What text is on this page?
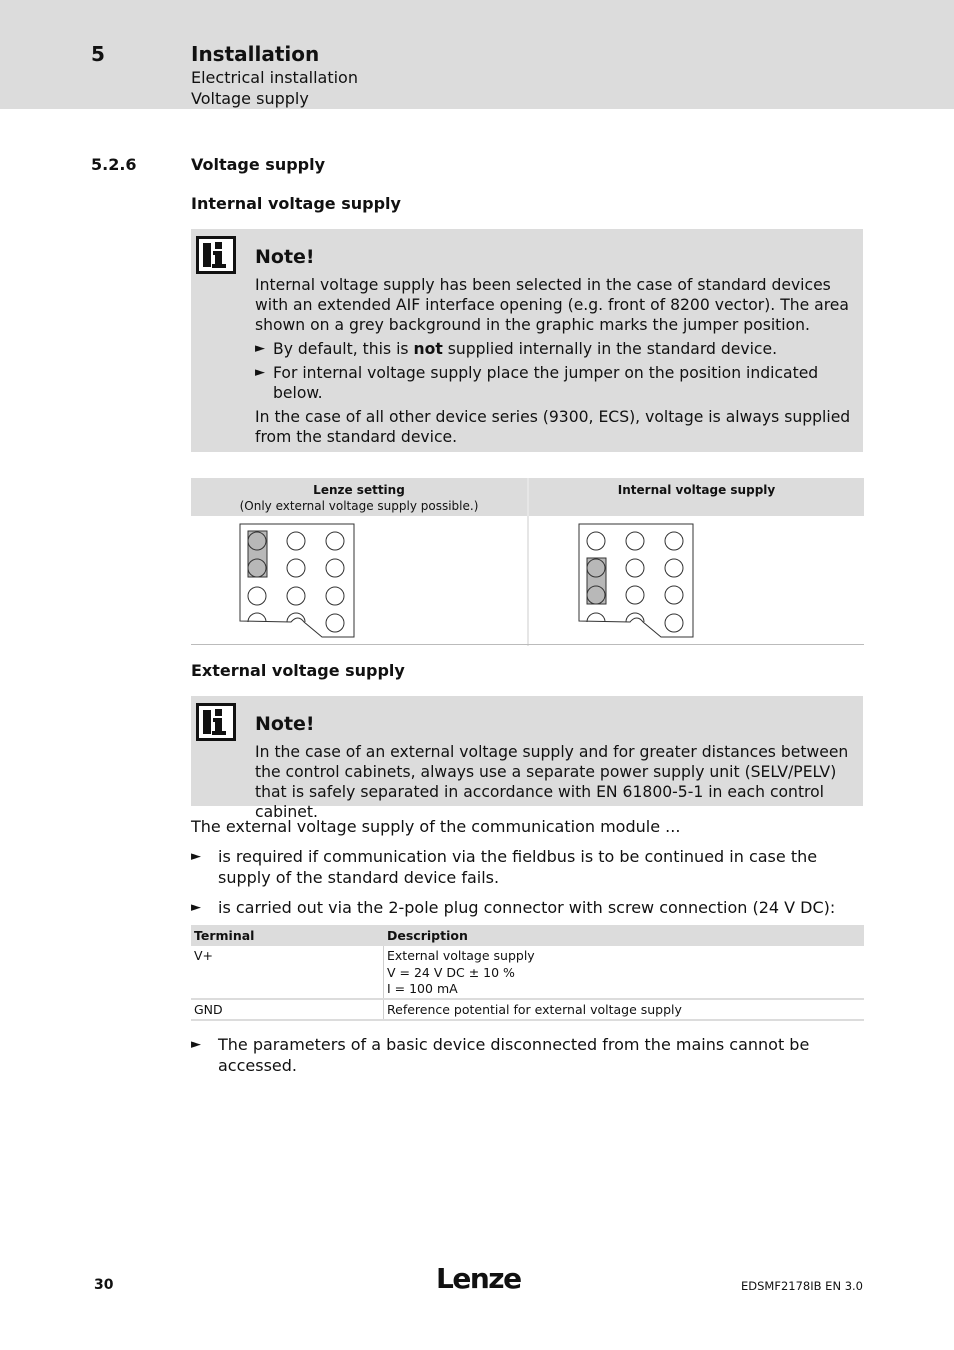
5	Installation
Electrical installation
Voltage supply
5.2.6	Voltage supply
Internal voltage supply
Note!

Internal voltage supply has been selected in the case of standard devices with an extended AIF interface opening (e.g. front of 8200 vector). The area shown on a grey background in the graphic marks the jumper position.

► By default, this is not supplied internally in the standard device.
► For internal voltage supply place the jumper on the position indicated below.

In the case of all other device series (9300, ECS), voltage is always supplied from the standard device.

Lenze setting
(Only external voltage supply possible.)
Internal voltage supply
External voltage supply
Note!

In the case of an external voltage supply and for greater distances between the control cabinets, always use a separate power supply unit (SELV/PELV) that is safely separated in accordance with EN 61800-5-1 in each control cabinet.

The external voltage supply of the communication module ...
►	is required if communication via the fieldbus is to be continued in case the supply of the standard device fails.
►	is carried out via the 2-pole plug connector with screw connection (24 V DC):
Terminal	Description
V+	External voltage supply
V = 24 V DC ± 10 %
I = 100 mA
GND	Reference potential for external voltage supply
►	The parameters of a basic device disconnected from the mains cannot be accessed.
30	Lenze	EDSMF2178IB EN 3.0
